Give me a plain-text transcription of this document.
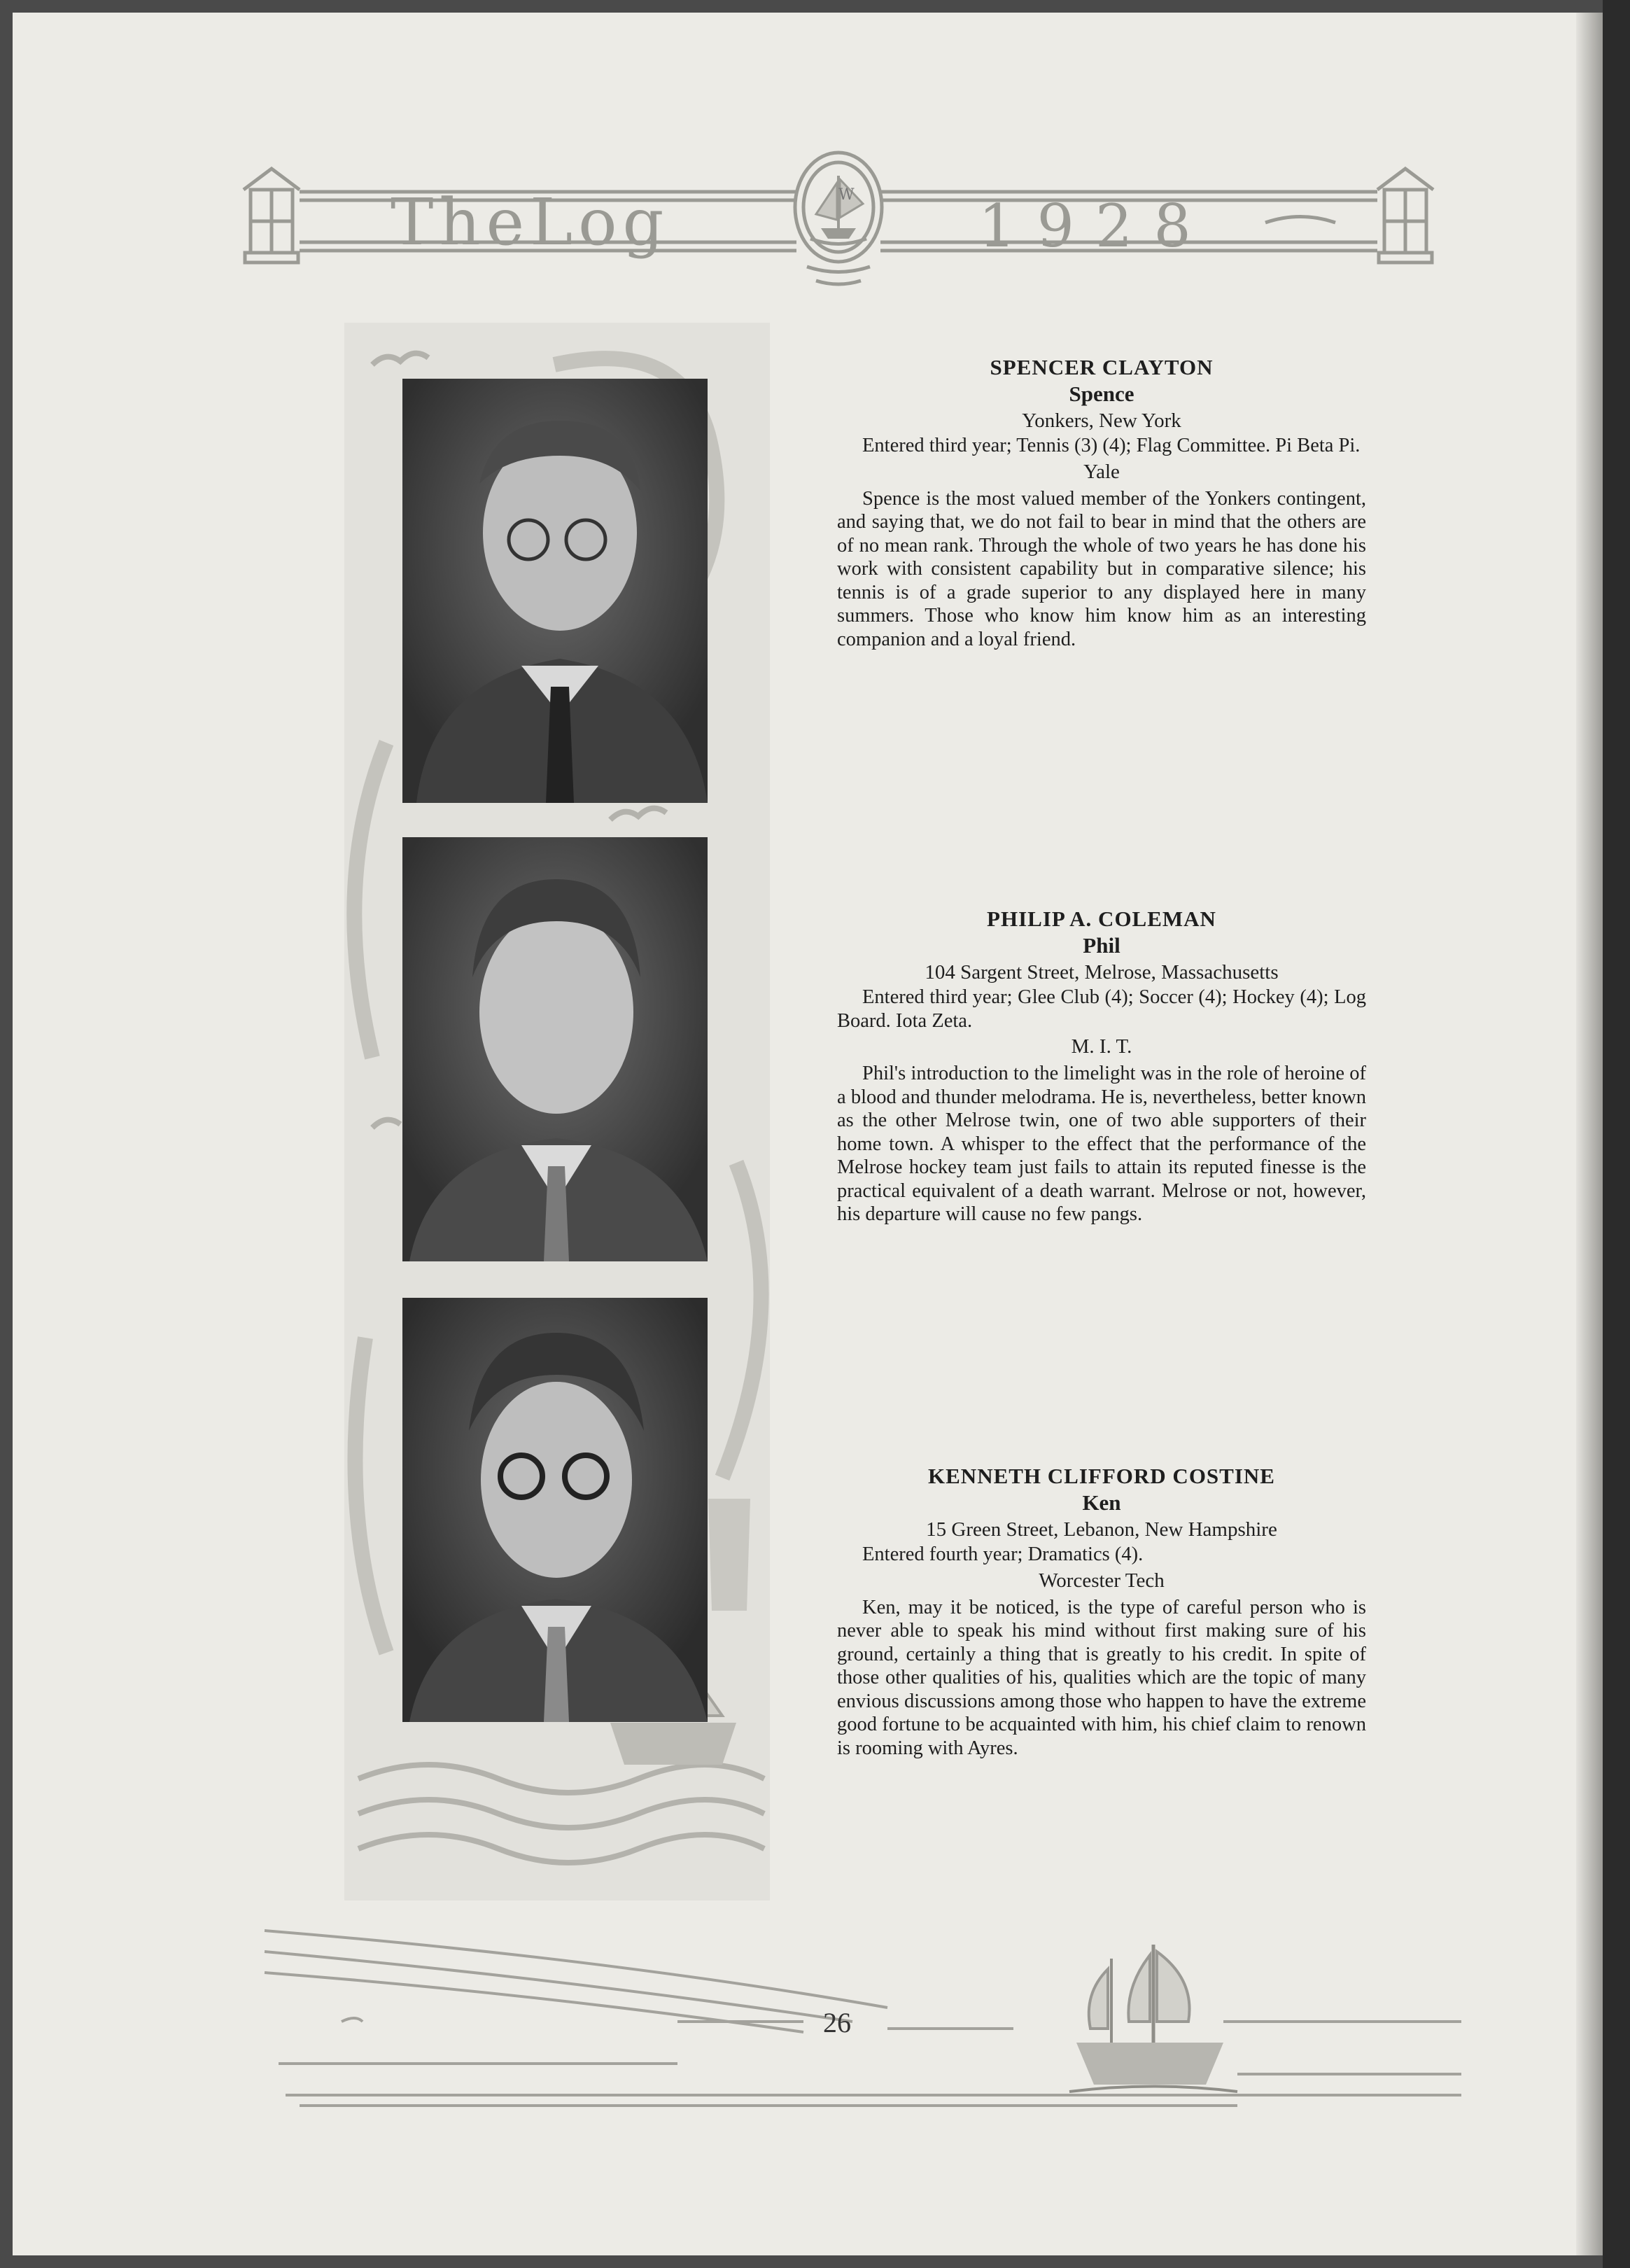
TheLog	1928
W

SPENCER CLAYTON

Spence

Yonkers, New York

Entered third year; Tennis (3) (4); Flag Committee. Pi Beta Pi.

Yale

Spence is the most valued member of the Yonkers contingent, and saying that, we do not fail to bear in mind that the others are of no mean rank. Through the whole of two years he has done his work with consistent capability but in comparative silence; his tennis is of a grade superior to any displayed here in many summers. Those who know him know him as an interesting companion and a loyal friend.

PHILIP A. COLEMAN

Phil

104 Sargent Street, Melrose, Massachusetts

Entered third year; Glee Club (4); Soccer (4); Hockey (4); Log Board. Iota Zeta.

M. I. T.

Phil's introduction to the limelight was in the role of heroine of a blood and thunder melodrama. He is, nevertheless, better known as the other Melrose twin, one of two able supporters of their home town. A whisper to the effect that the performance of the Melrose hockey team just fails to attain its reputed finesse is the practical equivalent of a death warrant. Melrose or not, however, his departure will cause no few pangs.

KENNETH CLIFFORD COSTINE

Ken

15 Green Street, Lebanon, New Hampshire

Entered fourth year; Dramatics (4).

Worcester Tech

Ken, may it be noticed, is the type of careful person who is never able to speak his mind without first making sure of his ground, certainly a thing that is greatly to his credit. In spite of those other qualities of his, qualities which are the topic of many envious discussions among those who happen to have the extreme good fortune to be acquainted with him, his chief claim to renown is rooming with Ayres.

26
